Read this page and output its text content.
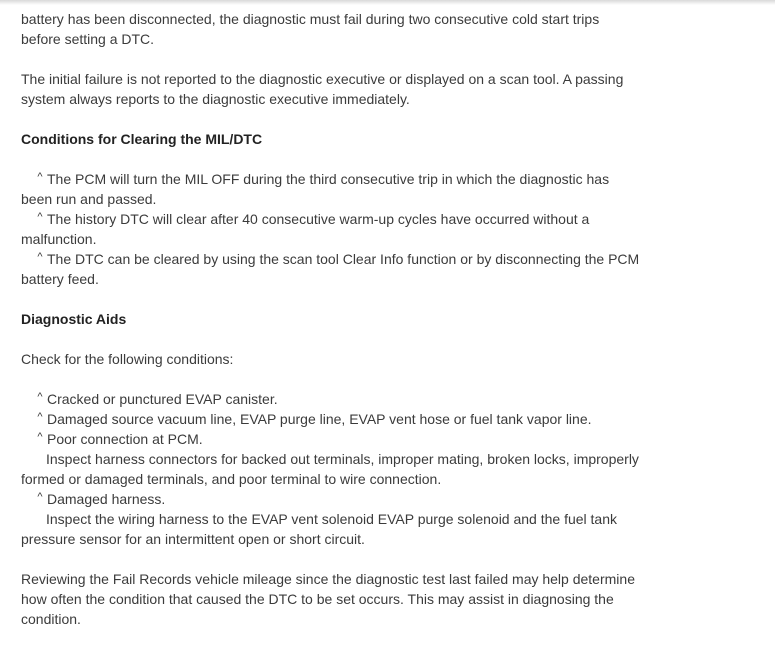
battery has been disconnected, the diagnostic must fail during two consecutive cold start trips
before setting a DTC.
The initial failure is not reported to the diagnostic executive or displayed on a scan tool. A passing
system always reports to the diagnostic executive immediately.
Conditions for Clearing the MIL/DTC
^ The PCM will turn the MIL OFF during the third consecutive trip in which the diagnostic has
been run and passed.
^ The history DTC will clear after 40 consecutive warm-up cycles have occurred without a
malfunction.
^ The DTC can be cleared by using the scan tool Clear Info function or by disconnecting the PCM
battery feed.
Diagnostic Aids
Check for the following conditions:
^ Cracked or punctured EVAP canister.
^ Damaged source vacuum line, EVAP purge line, EVAP vent hose or fuel tank vapor line.
^ Poor connection at PCM.
Inspect harness connectors for backed out terminals, improper mating, broken locks, improperly
formed or damaged terminals, and poor terminal to wire connection.
^ Damaged harness.
Inspect the wiring harness to the EVAP vent solenoid EVAP purge solenoid and the fuel tank
pressure sensor for an intermittent open or short circuit.
Reviewing the Fail Records vehicle mileage since the diagnostic test last failed may help determine
how often the condition that caused the DTC to be set occurs. This may assist in diagnosing the
condition.
